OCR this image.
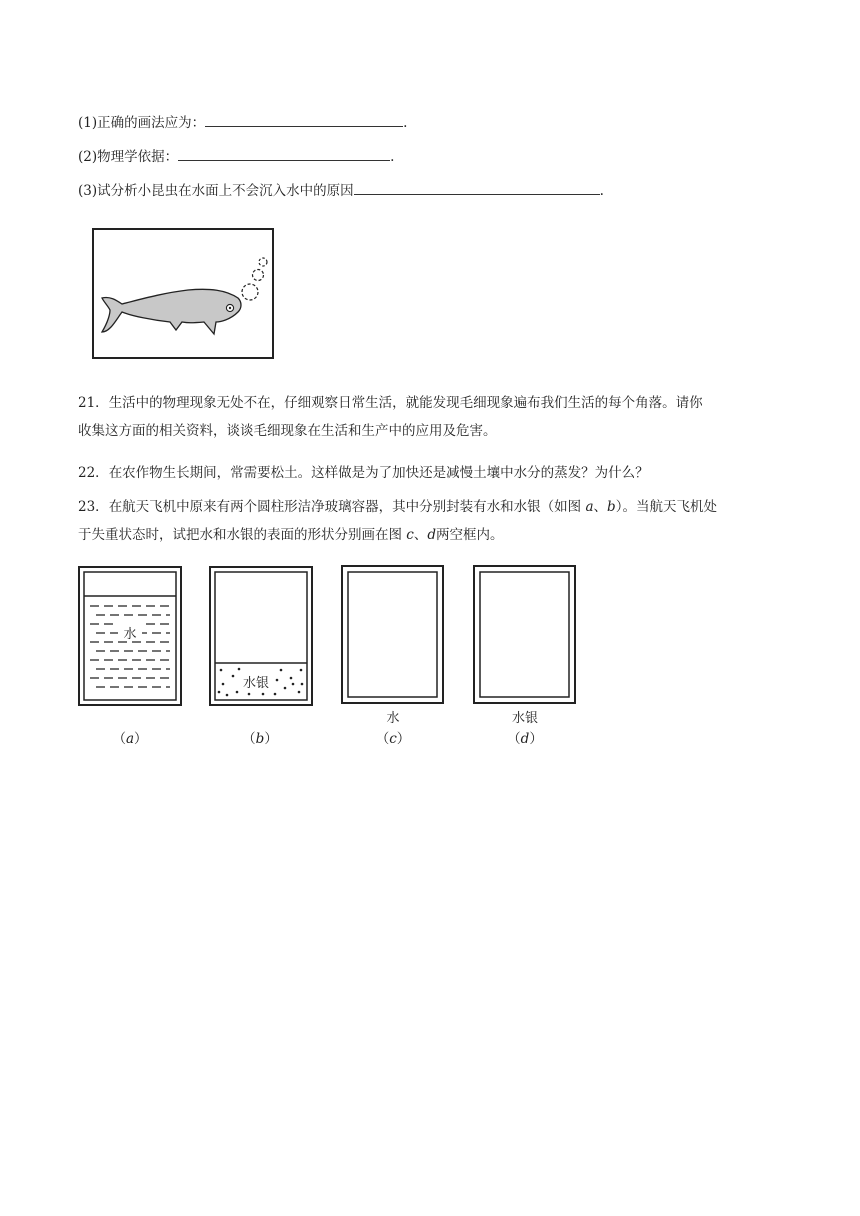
(1)正确的画法应为：	.
(2)物理学依据：	.
(3)试分析小昆虫在水面上不会沉入水中的原因	.
21．生活中的物理现象无处不在，仔细观察日常生活，就能发现毛细现象遍布我们生活的每个角落。请你
收集这方面的相关资料，谈谈毛细现象在生活和生产中的应用及危害。
22．在农作物生长期间，常需要松土。这样做是为了加快还是减慢土壤中水分的蒸发？为什么？
23．在航天飞机中原来有两个圆柱形洁净玻璃容器，其中分别封装有水和水银（如图 a、b）。当航天飞机处
于失重状态时，试把水和水银的表面的形状分别画在图 c、d两空框内。
水
水银
水	水银
（a）	（b）	（c）	（d）
